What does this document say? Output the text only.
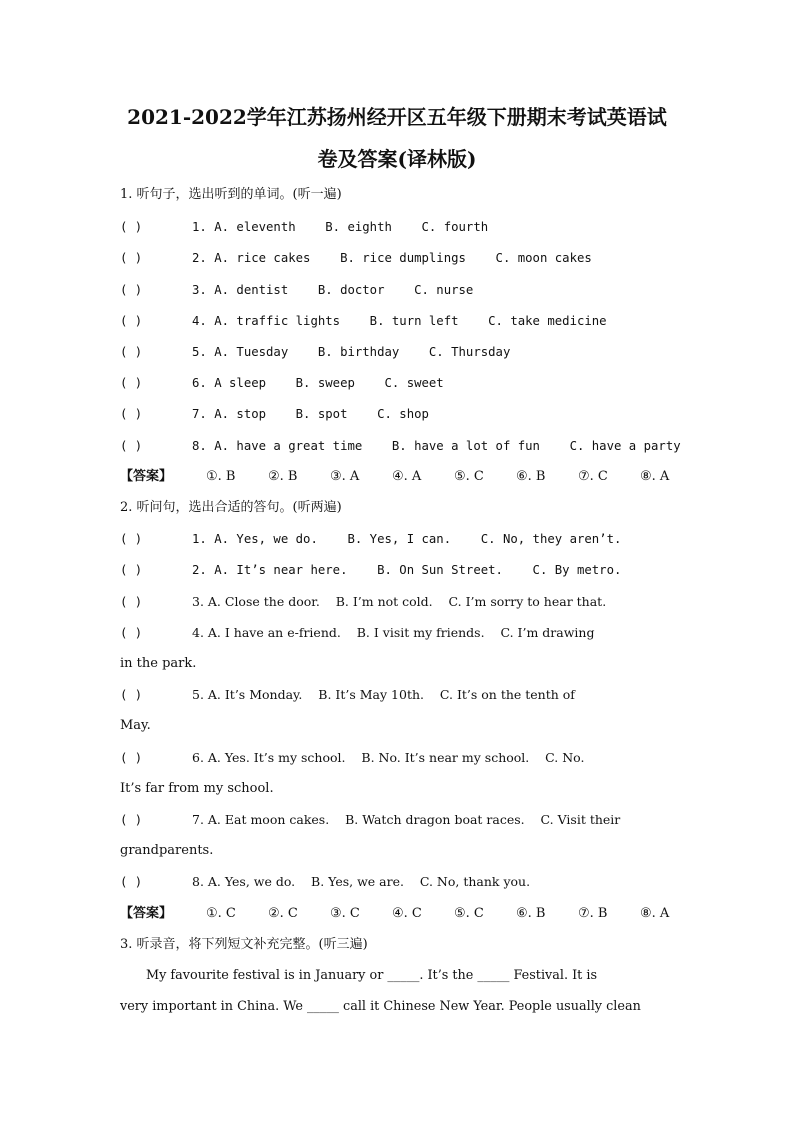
2021-2022学年江苏扬州经开区五年级下册期末考试英语试
卷及答案(译林版)
1. 听句子，选出听到的单词。(听一遍)
( )	1. A. eleventh    B. eighth    C. fourth
( )	2. A. rice cakes    B. rice dumplings    C. moon cakes
( )	3. A. dentist    B. doctor    C. nurse
( )	4. A. traffic lights    B. turn left    C. take medicine
( )	5. A. Tuesday    B. birthday    C. Thursday
( )	6. A sleep    B. sweep    C. sweet
( )	7. A. stop    B. spot    C. shop
( )	8. A. have a great time    B. have a lot of fun    C. have a party
【答案】	①. B	②. B	③. A	④. A	⑤. C ⑥. B	⑦. C ⑧. A
2. 听问句，选出合适的答句。(听两遍)
( )	1. A. Yes, we do.    B. Yes, I can.    C. No, they aren’t.
( )	2. A. It’s near here.    B. On Sun Street.    C. By metro.
( )	3. A. Close the door.    B. I’m not cold.    C. I’m sorry to hear that.
( )	4. A. I have an e-friend.    B. I visit my friends.    C. I’m drawing
in the park.
( )	5. A. It’s Monday.    B. It’s May 10th.    C. It’s on the tenth of
May.
( )	6. A. Yes. It’s my school.    B. No. It’s near my school.    C. No.
It’s far from my school.
( )	7. A. Eat moon cakes.    B. Watch dragon boat races.    C. Visit their
grandparents.
( )	8. A. Yes, we do.    B. Yes, we are.    C. No, thank you.
【答案】	①. C ②. C ③. C ④. C ⑤. C ⑥. B	⑦. B	⑧. A
3. 听录音，将下列短文补充完整。(听三遍)
My favourite festival is in January or _____. It’s the _____ Festival. It is
very important in China. We _____ call it Chinese New Year. People usually clean
